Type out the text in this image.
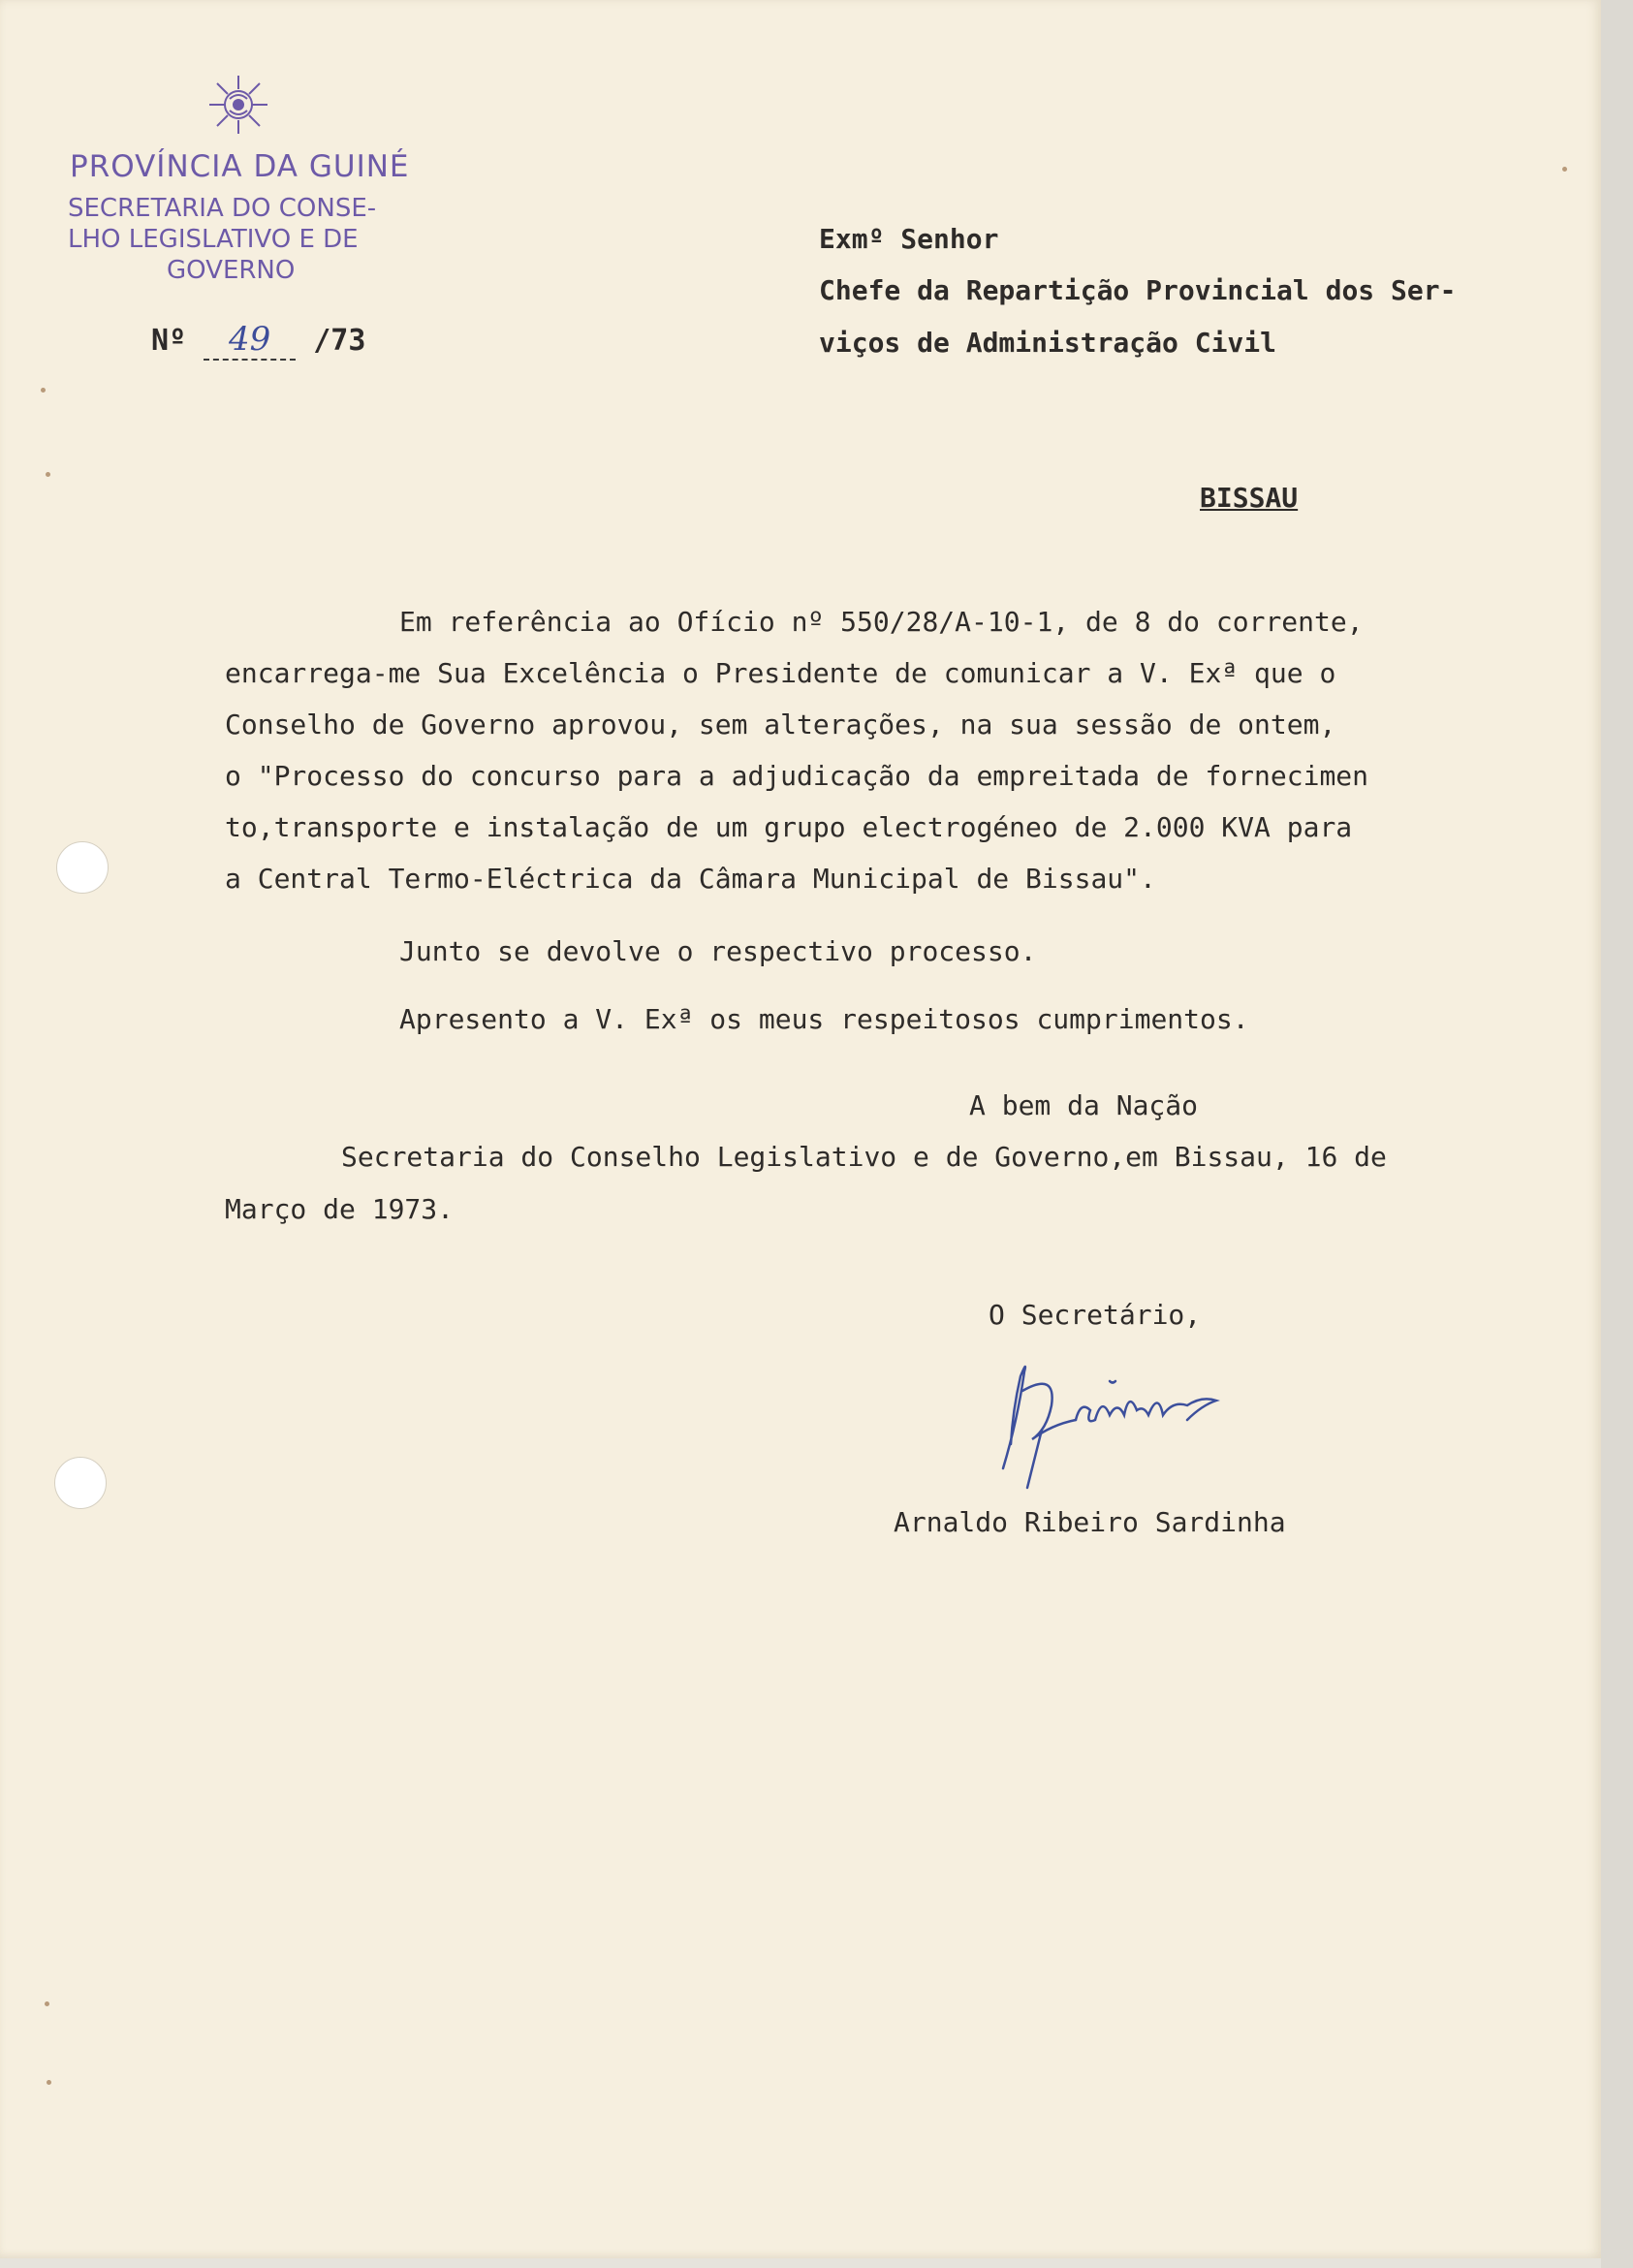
PROVÍNCIA DA GUINÉ
SECRETARIA DO CONSE-
LHO LEGISLATIVO E DE
GOVERNO
Nº 49 /73
Exmº Senhor
Chefe da Repartição Provincial dos Ser-
viços de Administração Civil
BISSAU
Em referência ao Ofício nº 550/28/A-10-1, de 8 do corrente,
encarrega-me Sua Excelência o Presidente de comunicar a V. Exª que o
Conselho de Governo aprovou, sem alterações, na sua sessão de ontem,
o "Processo do concurso para a adjudicação da empreitada de fornecimen
to,transporte e instalação de um grupo electrogéneo de 2.000 KVA para
a Central Termo-Eléctrica da Câmara Municipal de Bissau".
Junto se devolve o respectivo processo.
Apresento a V. Exª os meus respeitosos cumprimentos.
A bem da Nação
Secretaria do Conselho Legislativo e de Governo,em Bissau, 16 de
Março de 1973.
O Secretário,
Arnaldo Ribeiro Sardinha
